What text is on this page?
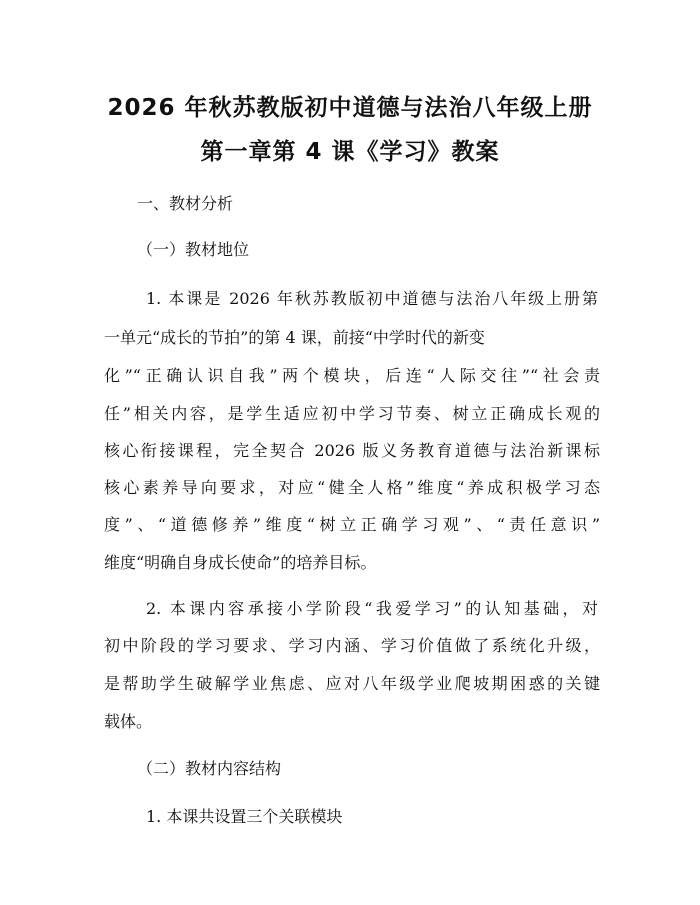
2026 年秋苏教版初中道德与法治八年级上册
第一章第 4 课《学习》教案
一、教材分析
（一）教材地位
1. 本课是 2026 年秋苏教版初中道德与法治八年级上册第
一单元“成长的节拍”的第 4 课，前接“中学时代的新变
化”“正确认识自我”两个模块，后连“人际交往”“社会责
任”相关内容，是学生适应初中学习节奏、树立正确成长观的
核心衔接课程，完全契合 2026 版义务教育道德与法治新课标
核心素养导向要求，对应“健全人格”维度“养成积极学习态
度”、“道德修养”维度“树立正确学习观”、“责任意识”
维度“明确自身成长使命”的培养目标。
2. 本课内容承接小学阶段“我爱学习”的认知基础，对
初中阶段的学习要求、学习内涵、学习价值做了系统化升级，
是帮助学生破解学业焦虑、应对八年级学业爬坡期困惑的关键
载体。
（二）教材内容结构
1. 本课共设置三个关联模块
